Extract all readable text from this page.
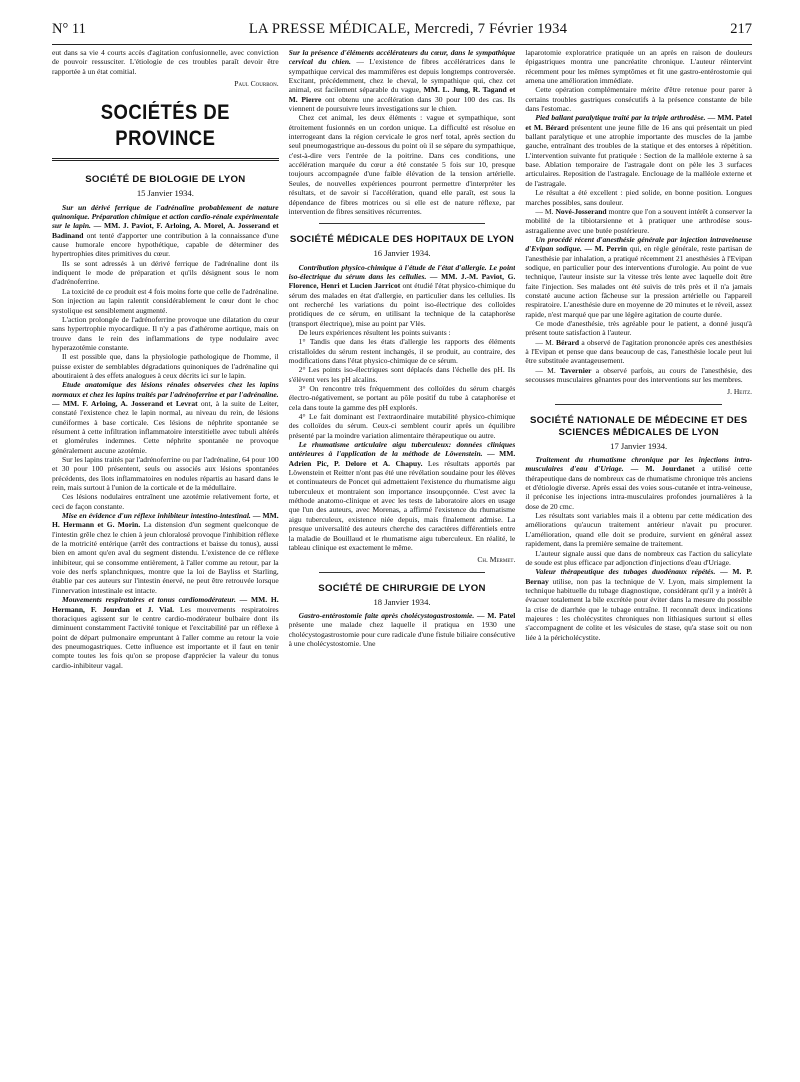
N° 11	LA PRESSE MÉDICALE, Mercredi, 7 Février 1934	217

eut dans sa vie 4 courts accès d'agitation confusionnelle, avec conviction de pouvoir ressusciter. L'étiologie de ces troubles paraît devoir être rapportée à un état comitial.

Paul Courbon.

SOCIÉTÉS DE PROVINCE
SOCIÉTÉ DE BIOLOGIE DE LYON
15 Janvier 1934.

Sur un dérivé ferrique de l'adrénaline probablement de nature quinonique. Préparation chimique et action cardio-rénale expérimentale sur le lapin. — MM. J. Paviot, F. Arloing, A. Morel, A. Josserand et Badinand ont tenté d'apporter une contribution à la connaissance d'une cause humorale encore hypothétique, capable de déterminer des hypertrophies dites primitives du cœur.

Ils se sont adressés à un dérivé ferrique de l'adrénaline dont ils indiquent le mode de préparation et qu'ils désignent sous le nom d'adrénoferrine.

La toxicité de ce produit est 4 fois moins forte que celle de l'adrénaline. Son injection au lapin ralentit considérablement le cœur dont le choc systolique est sensiblement augmenté.

L'action prolongée de l'adrénoferrine provoque une dilatation du cœur sans hypertrophie myocardique. Il n'y a pas d'athérome aortique, mais on trouve dans le rein des inflammations de type nodulaire avec hyperazotémie constante.

Il est possible que, dans la physiologie pathologique de l'homme, il puisse exister de semblables dégradations quinoniques de l'adrénaline qui aboutiraient à des effets analogues à ceux décrits ici sur le lapin.

Etude anatomique des lésions rénales observées chez les lapins normaux et chez les lapins traités par l'adrénoferrine et par l'adrénaline. — MM. F. Arloing, A. Josserand et Levrat ont, à la suite de Leiter, constaté l'existence chez le lapin normal, au niveau du rein, de lésions cunéiformes à base corticale. Ces lésions de néphrite spontanée se résument à cette infiltration inflammatoire interstitielle avec tubuli altérés et glomérules indemnes. Cette néphrite spontanée ne provoque généralement aucune azotémie.

Sur les lapins traités par l'adrénoferrine ou par l'adrénaline, 64 pour 100 et 30 pour 100 présentent, seuls ou associés aux lésions spontanées précédents, des îlots inflammatoires en nodules répartis au hasard dans le rein, mais surtout à l'union de la corticale et de la médullaire.

Ces lésions nodulaires entraînent une azotémie relativement forte, et ceci de façon constante.

Mise en évidence d'un réflexe inhibiteur intestino-intestinal. — MM. H. Hermann et G. Morin. La distension d'un segment quelconque de l'intestin grêle chez le chien à jeun chloralosé provoque l'inhibition réflexe de la motricité entérique (arrêt des contractions et baisse du tonus), aussi bien en amont qu'en aval du segment distendu. L'existence de ce réflexe inhibiteur, qui se consomme entièrement, à l'aller comme au retour, par la voie des nerfs splanchniques, montre que la loi de Bayliss et Starling, établie par ces auteurs sur l'intestin énervé, ne peut être retrouvée lorsque l'innervation intestinale est intacte.

Mouvements respiratoires et tonus cardiomodérateur. — MM. H. Hermann, F. Jourdan et J. Vial. Les mouvements respiratoires thoraciques agissent sur le centre cardio-modérateur bulbaire dont ils diminuent constamment l'activité tonique et l'excitabilité par un réflexe à point de départ pulmonaire empruntant à l'aller comme au retour la voie des pneumogastriques. Cette influence est importante et il faut en tenir compte toutes les fois qu'on se propose d'apprécier la valeur du tonus cardio-inhibiteur vagal.

Sur la présence d'éléments accélérateurs du cœur, dans le sympathique cervical du chien. — L'existence de fibres accélératrices dans le sympathique cervical des mammifères est depuis longtemps controversée. Excitant, précédemment, chez le cheval, le sympathique qui, chez cet animal, est facilement séparable du vague, MM. L. Jung, R. Tagand et M. Pierre ont obtenu une accélération dans 30 pour 100 des cas. Ils viennent de poursuivre leurs investigations sur le chien.

Chez cet animal, les deux éléments : vague et sympathique, sont étroitement fusionnés en un cordon unique. La difficulté est résolue en interrogeant dans la région cervicale le gros nerf total, après section du seul pneumogastrique au-dessous du point où il se sépare du sympathique, c'est-à-dire vers l'entrée de la poitrine. Dans ces conditions, une accélération marquée du cœur a été constatée 5 fois sur 10, presque toujours accompagnée d'une faible élévation de la tension artérielle. Seules, de nouvelles expériences pourront permettre d'interpréter les résultats, et de savoir si l'accélération, quand elle paraît, est sous la dépendance de fibres motrices ou si elle est de nature réflexe, par intervention de fibres sensitives récurrentes.

SOCIÉTÉ MÉDICALE DES HOPITAUX DE LYON
16 Janvier 1934.

Contribution physico-chimique à l'étude de l'état d'allergie. Le point iso-électrique du sérum dans les cellulies. — MM. J.-M. Paviot, G. Florence, Henri et Lucien Jarricot ont étudié l'état physico-chimique du sérum des malades en état d'allergie, en particulier dans les cellulies. Ils ont recherché les variations du point iso-électrique des colloïdes protidiques de ce sérum, en utilisant la technique de la cataphorèse (transport électrique), mise au point par Vlès.

De leurs expériences résultent les points suivants :

1° Tandis que dans les états d'allergie les rapports des éléments cristalloïdes du sérum restent inchangés, il se produit, au contraire, des modifications dans l'état physico-chimique de ce sérum.

2° Les points iso-électriques sont déplacés dans l'échelle des pH. Ils s'élèvent vers les pH alcalins.

3° On rencontre très fréquemment des colloïdes du sérum chargés électro-négativement, se portant au pôle positif du tube à cataphorèse et cela dans toute la gamme des pH explorés.

4° Le fait dominant est l'extraordinaire mutabilité physico-chimique des colloïdes du sérum. Ceux-ci semblent courir après un équilibre présenté par la moindre variation alimentaire thérapeutique ou autre.

Le rhumatisme articulaire aigu tuberculeux: données cliniques antérieures à l'application de la méthode de Löwenstein. — MM. Adrien Pic, P. Delore et A. Chapuy. Les résultats apportés par Löwenstein et Reitter n'ont pas été une révélation soudaine pour les élèves et continuateurs de Poncet qui admettaient l'existence du rhumatisme aigu tuberculeux et montraient son importance insoupçonnée. C'est avec la méthode anatomo-clinique et avec les tests de laboratoire alors en usage que l'un des auteurs, avec Morenas, a affirmé l'existence du rhumatisme aigu tuberculeux, existence niée depuis, mais finalement admise. La presque universalité des auteurs cherche des caractères différentiels entre la maladie de Bouillaud et le rhumatisme aigu tuberculeux. En réalité, le tableau clinique est exactement le même.

Ch. Mermet.

SOCIÉTÉ DE CHIRURGIE DE LYON
18 Janvier 1934.

Gastro-entérostomie faite après cholécystogastrostomie. — M. Patel présente une malade chez laquelle il pratiqua en 1930 une cholécystogastrostomie pour cure radicale d'une fistule biliaire consécutive à une cholécystostomie. Une

laparotomie exploratrice pratiquée un an après en raison de douleurs épigastriques montra une pancréatite chronique. L'auteur réintervint récemment pour les mêmes symptômes et fit une gastro-entérostomie qui amena une amélioration immédiate.

Cette opération complémentaire mérite d'être retenue pour parer à certains troubles gastriques consécutifs à la présence constante de bile dans l'estomac.

Pied ballant paralytique traité par la triple arthrodèse. — MM. Patel et M. Bérard présentent une jeune fille de 16 ans qui présentait un pied ballant paralytique et une atrophie importante des muscles de la jambe gauche, entraînant des troubles de la statique et des entorses à répétition. L'intervention suivante fut pratiquée : Section de la malléole externe à sa base. Ablation temporaire de l'astragale dont on pèle les 3 surfaces articulaires. Reposition de l'astragale. Enclouage de la malléole externe et de l'astragale.

Le résultat a été excellent : pied solide, en bonne position. Longues marches possibles, sans douleur.

— M. Nové-Josserand montre que l'on a souvent intérêt à conserver la mobilité de la tibiotarsienne et à pratiquer une arthrodèse sous-astragalienne avec une butée postérieure.

Un procédé récent d'anesthésie générale par injection intraveineuse d'Evipan sodique. — M. Perrin qui, en règle générale, reste partisan de l'anesthésie par inhalation, a pratiqué récemment 21 anesthésies à l'Evipan sodique, en particulier pour des interventions d'urologie. Au point de vue technique, l'auteur insiste sur la vitesse très lente avec laquelle doit être faite l'injection. Ses malades ont été suivis de très près et il n'a jamais constaté aucune action fâcheuse sur la pression artérielle ou l'appareil respiratoire. L'anesthésie dure en moyenne de 20 minutes et le réveil, assez rapide, n'est marqué que par une légère agitation de courte durée.

Ce mode d'anesthésie, très agréable pour le patient, a donné jusqu'à présent toute satisfaction à l'auteur.

— M. Bérard a observé de l'agitation prononcée après ces anesthésies à l'Evipan et pense que dans beaucoup de cas, l'anesthésie locale peut lui être substituée avantageusement.

— M. Tavernier a observé parfois, au cours de l'anesthésie, des secousses musculaires gênantes pour des interventions sur les membres.

J. Heitz.

SOCIÉTÉ NATIONALE DE MÉDECINE ET DES SCIENCES MÉDICALES DE LYON
17 Janvier 1934.

Traitement du rhumatisme chronique par les injections intra-musculaires d'eau d'Uriage. — M. Jourdanet a utilisé cette thérapeutique dans de nombreux cas de rhumatisme chronique très anciens et d'étiologie diverse. Après essai des voies sous-cutanée et intra-veineuse, il préconise les injections intra-musculaires profondes journalières à la dose de 20 cmc.

Les résultats sont variables mais il a obtenu par cette médication des améliorations qu'aucun traitement antérieur n'avait pu procurer. L'amélioration, quand elle doit se produire, survient en général assez rapidement, dans la première semaine de traitement.

L'auteur signale aussi que dans de nombreux cas l'action du salicylate de soude est plus efficace par adjonction d'injections d'eau d'Uriage.

Valeur thérapeutique des tubages duodénaux répétés. — M. P. Bernay utilise, non pas la technique de V. Lyon, mais simplement la technique habituelle du tubage diagnostique, considérant qu'il y a intérêt à évacuer totalement la bile excrétée pour éviter dans la mesure du possible la crise de diarrhée que le tubage entraîne. Il reconnaît deux indications majeures : les cholécystites chroniques non lithiasiques surtout si elles s'accompagnent de colite et les vésicules de stase, qu'a stase soit ou non liée à la péricholécystite.
